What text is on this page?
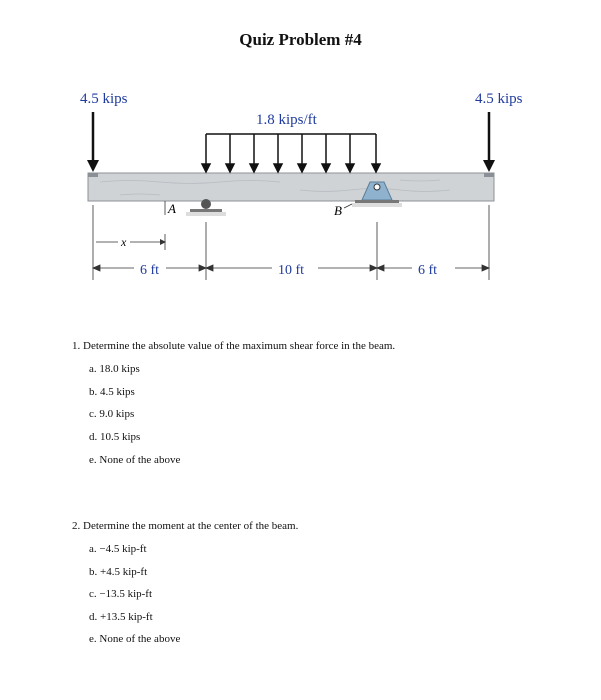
Quiz Problem #4
4.5 kips	4.5 kips
1.8 kips/ft
A	B
x
6 ft	10 ft	6 ft
1. Determine the absolute value of the maximum shear force in the beam.
a. 18.0 kips
b. 4.5 kips
c. 9.0 kips
d. 10.5 kips
e. None of the above
2. Determine the moment at the center of the beam.
a. −4.5 kip-ft
b. +4.5 kip-ft
c. −13.5 kip-ft
d. +13.5 kip-ft
e. None of the above
